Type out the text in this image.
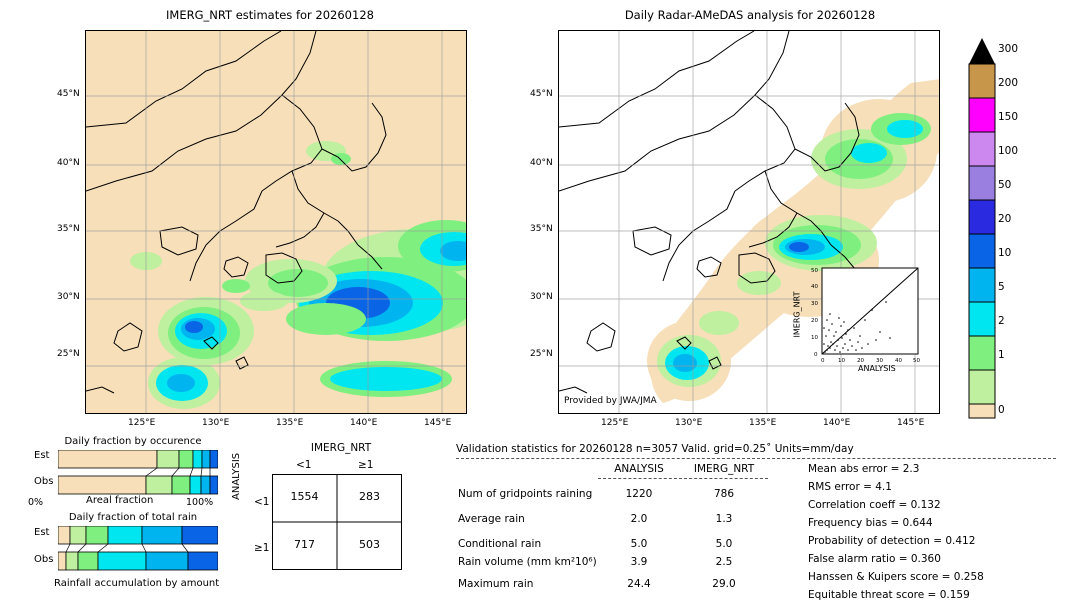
IMERG_NRT estimates for 20260128
45°N
40°N
35°N
30°N
25°N
125°E	130°E	135°E	140°E	145°E
Daily Radar-AMeDAS analysis for 20260128
45°N
40°N
35°N
30°N
25°N
125°E	130°E	135°E	140°E	145°E
Provided by JWA/JMA
0 10 20 30 40 50
0
10
20
30
40
50
ANALYSIS
IMERG_NRT
300
200
150
100
50
20
10
5
2
1
0
Daily fraction by occurence
Est
Obs
0%	Areal fraction	100%
Daily fraction of total rain
Est
Obs
Rainfall accumulation by amount
IMERG_NRT
<1	≥1
ANALYSIS
<1
≥1
1554	283
717	503
Validation statistics for 20260128 n=3057 Valid. grid=0.25˚ Units=mm/day
ANALYSIS	IMERG_NRT
Num of gridpoints raining	1220	786
Average rain	2.0	1.3
Conditional rain	5.0	5.0
Rain volume (mm km²10⁶)	3.9	2.5
Maximum rain	24.4	29.0
Mean abs error = 2.3
RMS error = 4.1
Correlation coeff = 0.132
Frequency bias = 0.644
Probability of detection = 0.412
False alarm ratio = 0.360
Hanssen & Kuipers score = 0.258
Equitable threat score = 0.159
